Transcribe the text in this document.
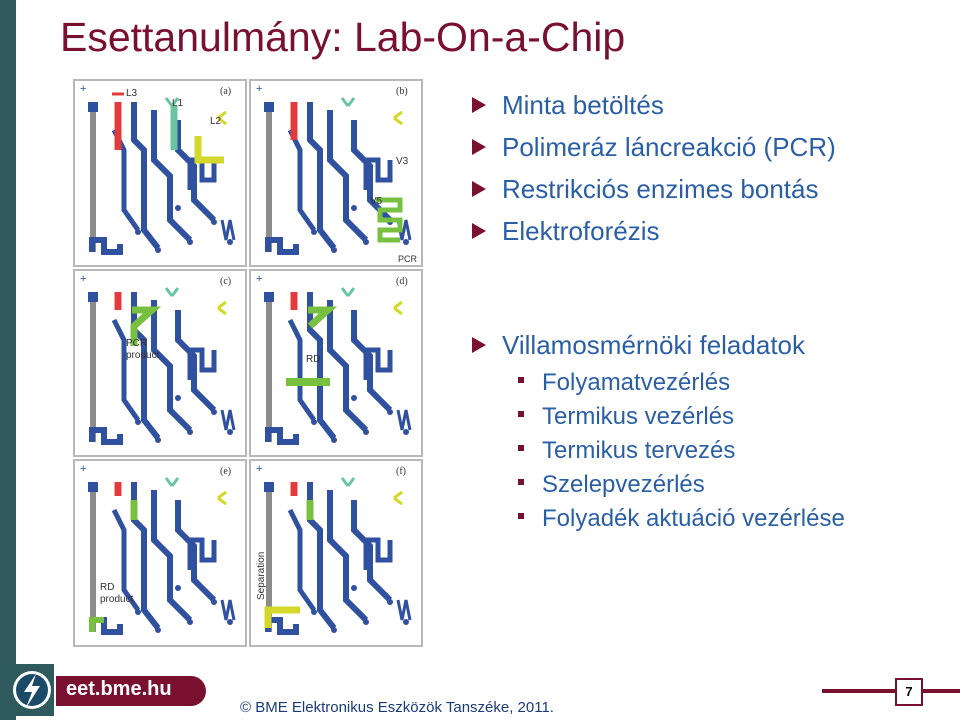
Esettanulmány: Lab-On-a-Chip
+	L3
L1
L2
(a) +
V3
V5
PCR
(b)
+
PCR
product
(c) +
RD
(d)
+
RD
product
(e) +
Separation
(f)
Minta betöltés
Polimeráz láncreakció (PCR)
Restrikciós enzimes bontás
Elektroforézis
Villamosmérnöki feladatok
Folyamatvezérlés
Termikus vezérlés
Termikus tervezés
Szelepvezérlés
Folyadék aktuáció vezérlése
eet.bme.hu
© BME Elektronikus Eszközök Tanszéke, 2011.
7
